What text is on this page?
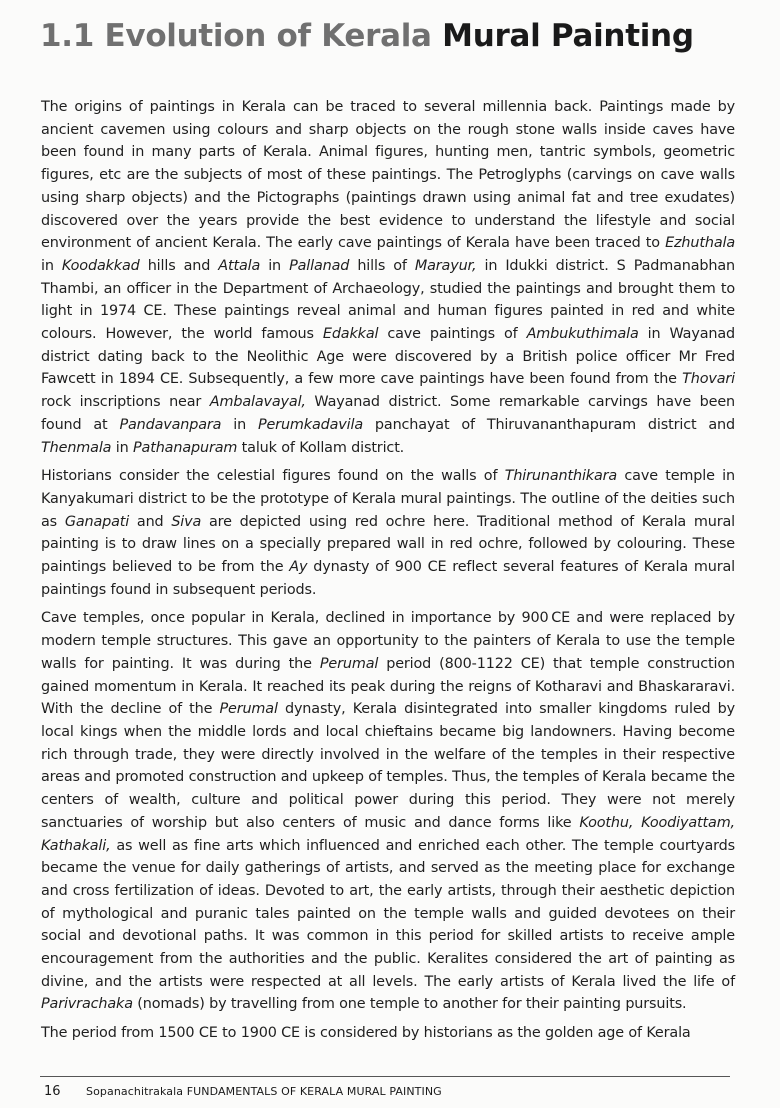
1.1 Evolution of Kerala Mural Painting

The origins of paintings in Kerala can be traced to several millennia back. Paintings made by ancient cavemen using colours and sharp objects on the rough stone walls inside caves have been found in many parts of Kerala. Animal figures, hunting men, tantric symbols, geometric figures, etc are the subjects of most of these paintings. The Petroglyphs (carvings on cave walls using sharp objects) and the Pictographs (paintings drawn using animal fat and tree exudates) discovered over the years provide the best evidence to understand the lifestyle and social environment of ancient Kerala. The early cave paintings of Kerala have been traced to Ezhuthala in Koodakkad hills and Attala in Pallanad hills of Marayur, in Idukki district. S Padmanabhan Thambi, an officer in the Department of Archaeology, studied the paintings and brought them to light in 1974 CE. These paintings reveal animal and human figures painted in red and white colours. However, the world famous Edakkal cave paintings of Ambukuthimala in Wayanad district dating back to the Neolithic Age were discovered by a British police officer Mr Fred Fawcett in 1894 CE. Subsequently, a few more cave paintings have been found from the Thovari rock inscriptions near Ambalavayal, Wayanad district. Some remarkable carvings have been found at Pandavanpara in Perumkadavila panchayat of Thiruvananthapuram district and Thenmala in Pathanapuram taluk of Kollam district.

Historians consider the celestial figures found on the walls of Thirunanthikara cave temple in Kanyakumari district to be the prototype of Kerala mural paintings. The outline of the deities such as Ganapati and Siva are depicted using red ochre here. Traditional method of Kerala mural painting is to draw lines on a specially prepared wall in red ochre, followed by colouring. These paintings believed to be from the Ay dynasty of 900 CE reflect several features of Kerala mural paintings found in subsequent periods.

Cave temples, once popular in Kerala, declined in importance by 900 CE and were replaced by modern temple structures. This gave an opportunity to the painters of Kerala to use the temple walls for painting. It was during the Perumal period (800-1122 CE) that temple construction gained momentum in Kerala. It reached its peak during the reigns of Kotharavi and Bhaskararavi. With the decline of the Perumal dynasty, Kerala disintegrated into smaller kingdoms ruled by local kings when the middle lords and local chieftains became big landowners. Having become rich through trade, they were directly involved in the welfare of the temples in their respective areas and promoted construction and upkeep of temples. Thus, the temples of Kerala became the centers of wealth, culture and political power during this period. They were not merely sanctuaries of worship but also centers of music and dance forms like Koothu, Koodiyattam, Kathakali, as well as fine arts which influenced and enriched each other. The temple courtyards became the venue for daily gatherings of artists, and served as the meeting place for exchange and cross fertilization of ideas. Devoted to art, the early artists, through their aesthetic depiction of mythological and puranic tales painted on the temple walls and guided devotees on their social and devotional paths. It was common in this period for skilled artists to receive ample encouragement from the authorities and the public. Keralites considered the art of painting as divine, and the artists were respected at all levels. The early artists of Kerala lived the life of Parivrachaka (nomads) by travelling from one temple to another for their painting pursuits.

The period from 1500 CE to 1900 CE is considered by historians as the golden age of Kerala

16 Sopanachitrakala FUNDAMENTALS OF KERALA MURAL PAINTING
